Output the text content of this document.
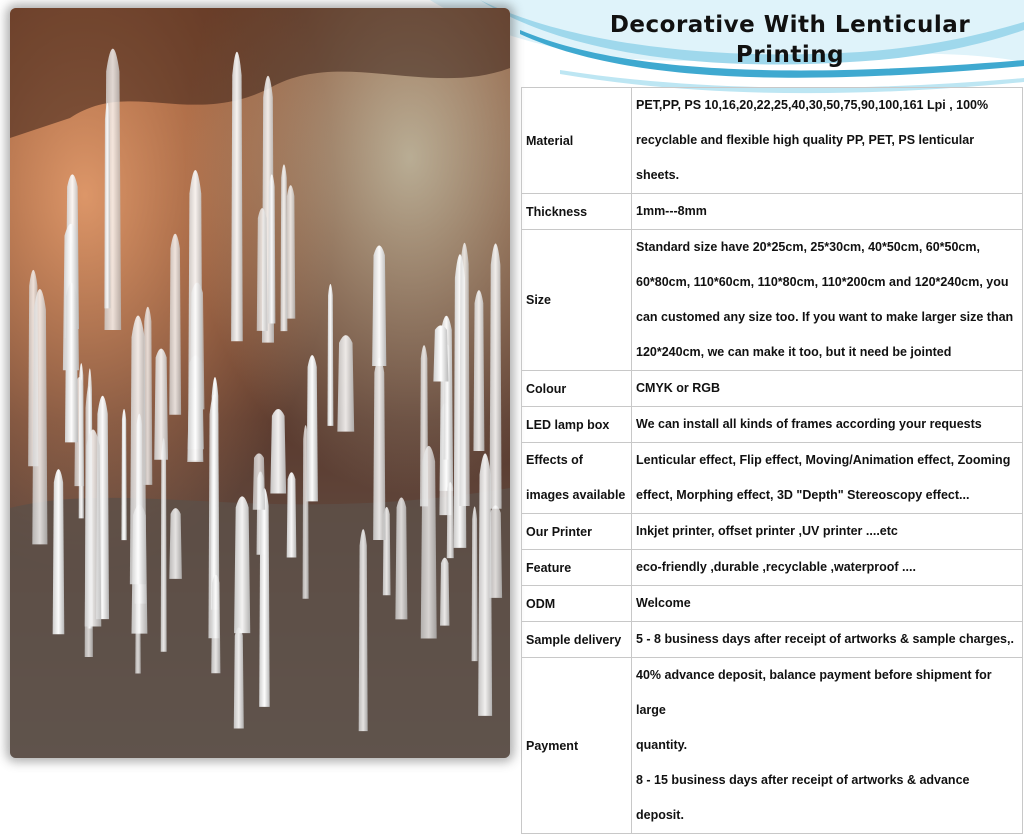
Decorative With Lenticular Printing
Material	PET,PP, PS 10,16,20,22,25,40,30,50,75,90,100,161 Lpi , 100%
recyclable and flexible high quality PP, PET, PS lenticular sheets.

Thickness	1mm---8mm

Size	Standard size have 20*25cm, 25*30cm, 40*50cm, 60*50cm,
60*80cm, 110*60cm, 110*80cm, 110*200cm and 120*240cm, you
can customed any size too. If you want to make larger size than
120*240cm, we can make it too, but it need be jointed

Colour	CMYK or RGB

LED lamp box	We can install all kinds of frames according your requests

Effects of images available	Lenticular effect, Flip effect, Moving/Animation effect, Zooming
effect, Morphing effect, 3D "Depth" Stereoscopy effect...

Our Printer	Inkjet printer, offset printer ,UV printer ....etc

Feature	eco-friendly ,durable ,recyclable ,waterproof ....

ODM	Welcome

Sample delivery	5 - 8 business days after receipt of artworks & sample charges,.

Payment	40% advance deposit, balance payment before shipment for large
quantity.
8 - 15 business days after receipt of artworks & advance deposit.
